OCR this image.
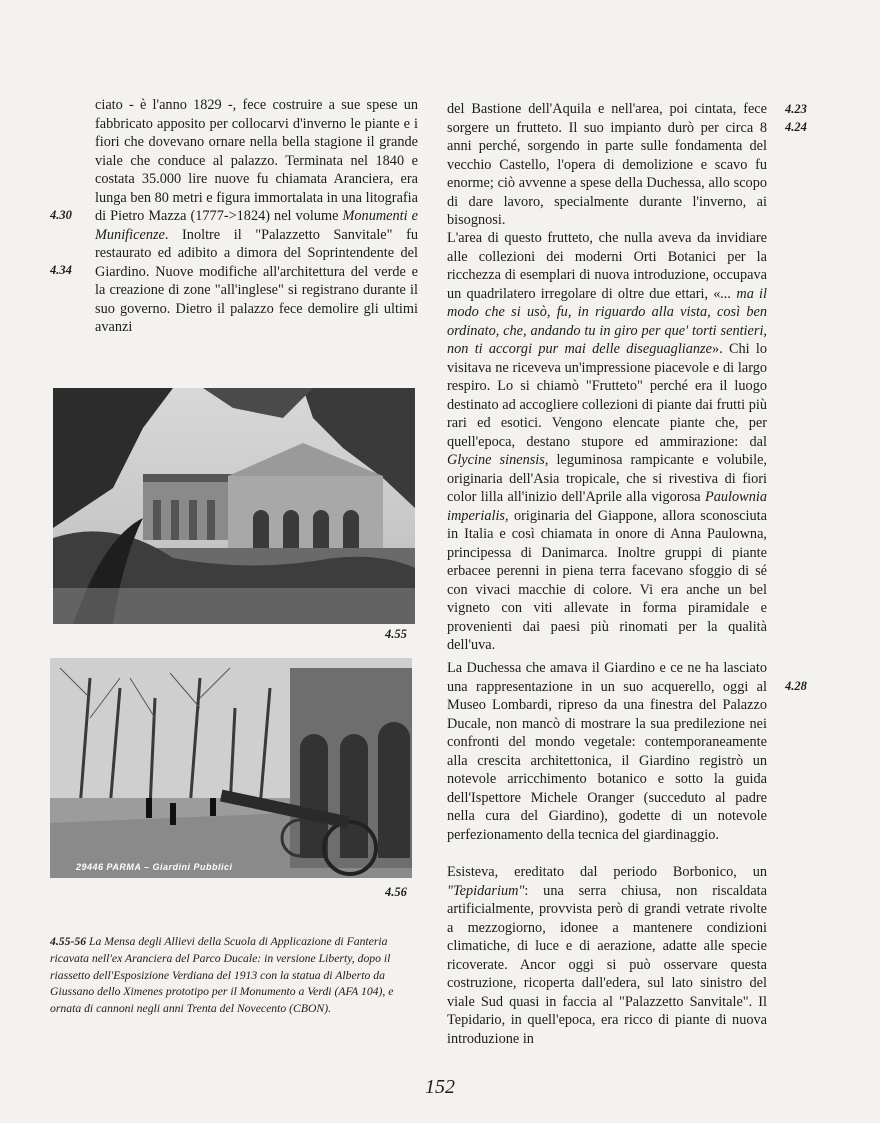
ciato - è l'anno 1829 -, fece costruire a sue spese un fabbricato apposito per collocarvi d'inverno le piante e i fiori che dovevano ornare nella bella stagione il grande viale che conduce al palazzo. Terminata nel 1840 e costata 35.000 lire nuove fu chiamata Aranciera, era lunga ben 80 metri e figura immortalata in una litografia di Pietro Mazza (1777->1824) nel volume Monumenti e Munificenze. Inoltre il "Palazzetto Sanvitale" fu restaurato ed adibito a dimora del Soprintendente del Giardino. Nuove modifiche all'architettura del verde e la creazione di zone "all'inglese" si registrano durante il suo governo. Dietro il palazzo fece demolire gli ultimi avanzi

4.30
4.34
4.55
29446 PARMA – Giardini Pubblici
4.56

4.55-56 La Mensa degli Allievi della Scuola di Applicazione di Fanteria ricavata nell'ex Aranciera del Parco Ducale: in versione Liberty, dopo il riassetto dell'Esposizione Verdiana del 1913 con la statua di Alberto da Giussano dello Ximenes prototipo per il Monumento a Verdi (AFA 104), e ornata di cannoni negli anni Trenta del Novecento (CBON).

del Bastione dell'Aquila e nell'area, poi cintata, fece sorgere un frutteto. Il suo impianto durò per circa 8 anni perché, sorgendo in parte sulle fondamenta del vecchio Castello, l'opera di demolizione e scavo fu enorme; ciò avvenne a spese della Duchessa, allo scopo di dare lavoro, specialmente durante l'inverno, ai bisognosi.

L'area di questo frutteto, che nulla aveva da invidiare alle collezioni dei moderni Orti Botanici per la ricchezza di esemplari di nuova introduzione, occupava un quadrilatero irregolare di oltre due ettari, «... ma il modo che si usò, fu, in riguardo alla vista, così ben ordinato, che, andando tu in giro per que' torti sentieri, non ti accorgi pur mai delle diseguaglianze». Chi lo visitava ne riceveva un'impressione piacevole e di largo respiro. Lo si chiamò "Frutteto" perché era il luogo destinato ad accogliere collezioni di piante dai frutti più rari ed esotici. Vengono elencate piante che, per quell'epoca, destano stupore ed ammirazione: dal Glycine sinensis, leguminosa rampicante e volubile, originaria dell'Asia tropicale, che si rivestiva di fiori color lilla all'inizio dell'Aprile alla vigorosa Paulownia imperialis, originaria del Giappone, allora sconosciuta in Italia e così chiamata in onore di Anna Paulowna, principessa di Danimarca. Inoltre gruppi di piante erbacee perenni in piena terra facevano sfoggio di sé con vivaci macchie di colore. Vi era anche un bel vigneto con viti allevate in forma piramidale e provenienti dai paesi più rinomati per la qualità dell'uva.

La Duchessa che amava il Giardino e ce ne ha lasciato una rappresentazione in un suo acquerello, oggi al Museo Lombardi, ripreso da una finestra del Palazzo Ducale, non mancò di mostrare la sua predilezione nei confronti del mondo vegetale: contemporaneamente alla crescita architettonica, il Giardino registrò un notevole arricchimento botanico e sotto la guida dell'Ispettore Michele Oranger (succeduto al padre nella cura del Giardino), godette di un notevole perfezionamento della tecnica del giardinaggio.

Esisteva, ereditato dal periodo Borbonico, un "Tepidarium": una serra chiusa, non riscaldata artificialmente, provvista però di grandi vetrate rivolte a mezzogiorno, idonee a mantenere condizioni climatiche, di luce e di aerazione, adatte alle specie ricoverate. Ancor oggi si può osservare questa costruzione, ricoperta dall'edera, sul lato sinistro del viale Sud quasi in faccia al "Palazzetto Sanvitale". Il Tepidario, in quell'epoca, era ricco di piante di nuova introduzione in

4.23
4.24
4.28
152
